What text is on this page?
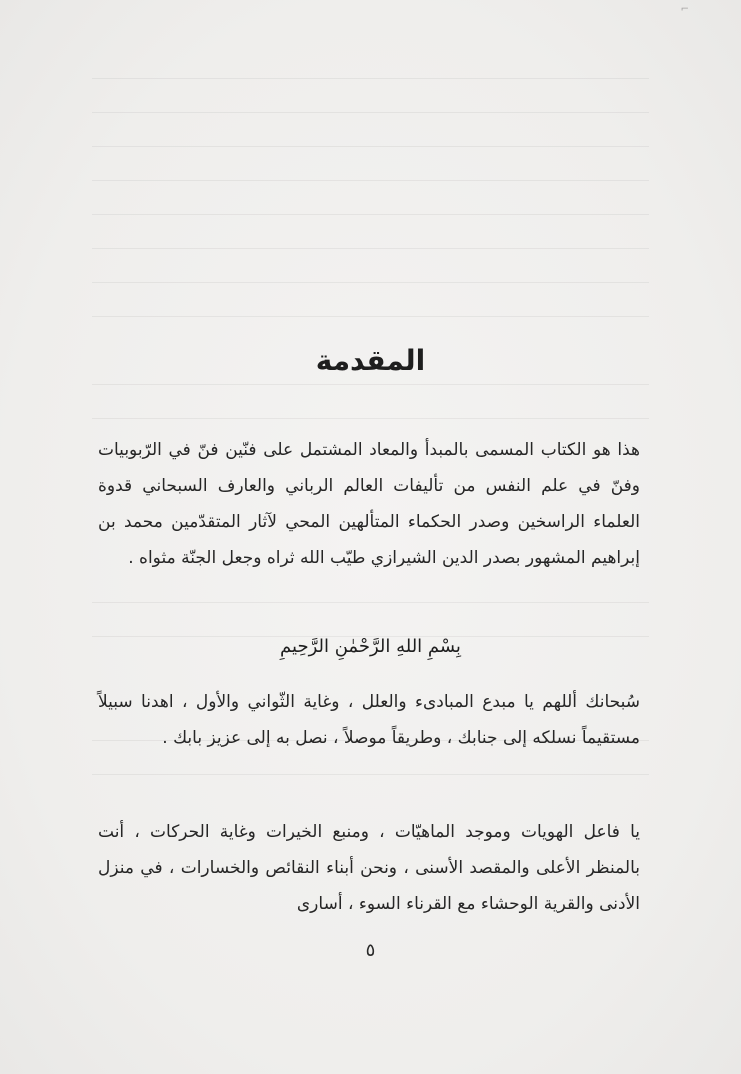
⌐
المقدمة
هذا هو الكتاب المسمى بالمبدأ والمعاد المشتمل على فنّين فنّ في الرّبوبيات وفنّ في علم النفس من تأليفات العالم الرباني والعارف السبحاني قدوة العلماء الراسخين وصدر الحكماء المتألهين المحي لآثار المتقدّمين محمد بن إبراهيم المشهور بصدر الدين الشيرازي طيّب الله ثراه وجعل الجنّة مثواه .
بِسْمِ اللهِ الرَّحْمٰنِ الرَّحِيمِ
سُبحانك أللهم يا مبدع المبادىء والعلل ، وغاية الثّواني والأول ، اهدنا سبيلاً مستقيماً نسلكه إلى جنابك ، وطريقاً موصلاً ، نصل به إلى عزيز بابك .
يا فاعل الهويات وموجد الماهيّات ، ومنبع الخيرات وغاية الحركات ، أنت بالمنظر الأعلى والمقصد الأسنى ، ونحن أبناء النقائص والخسارات ، في منزل الأدنى والقرية الوحشاء مع القرناء السوء ، أسارى
٥
